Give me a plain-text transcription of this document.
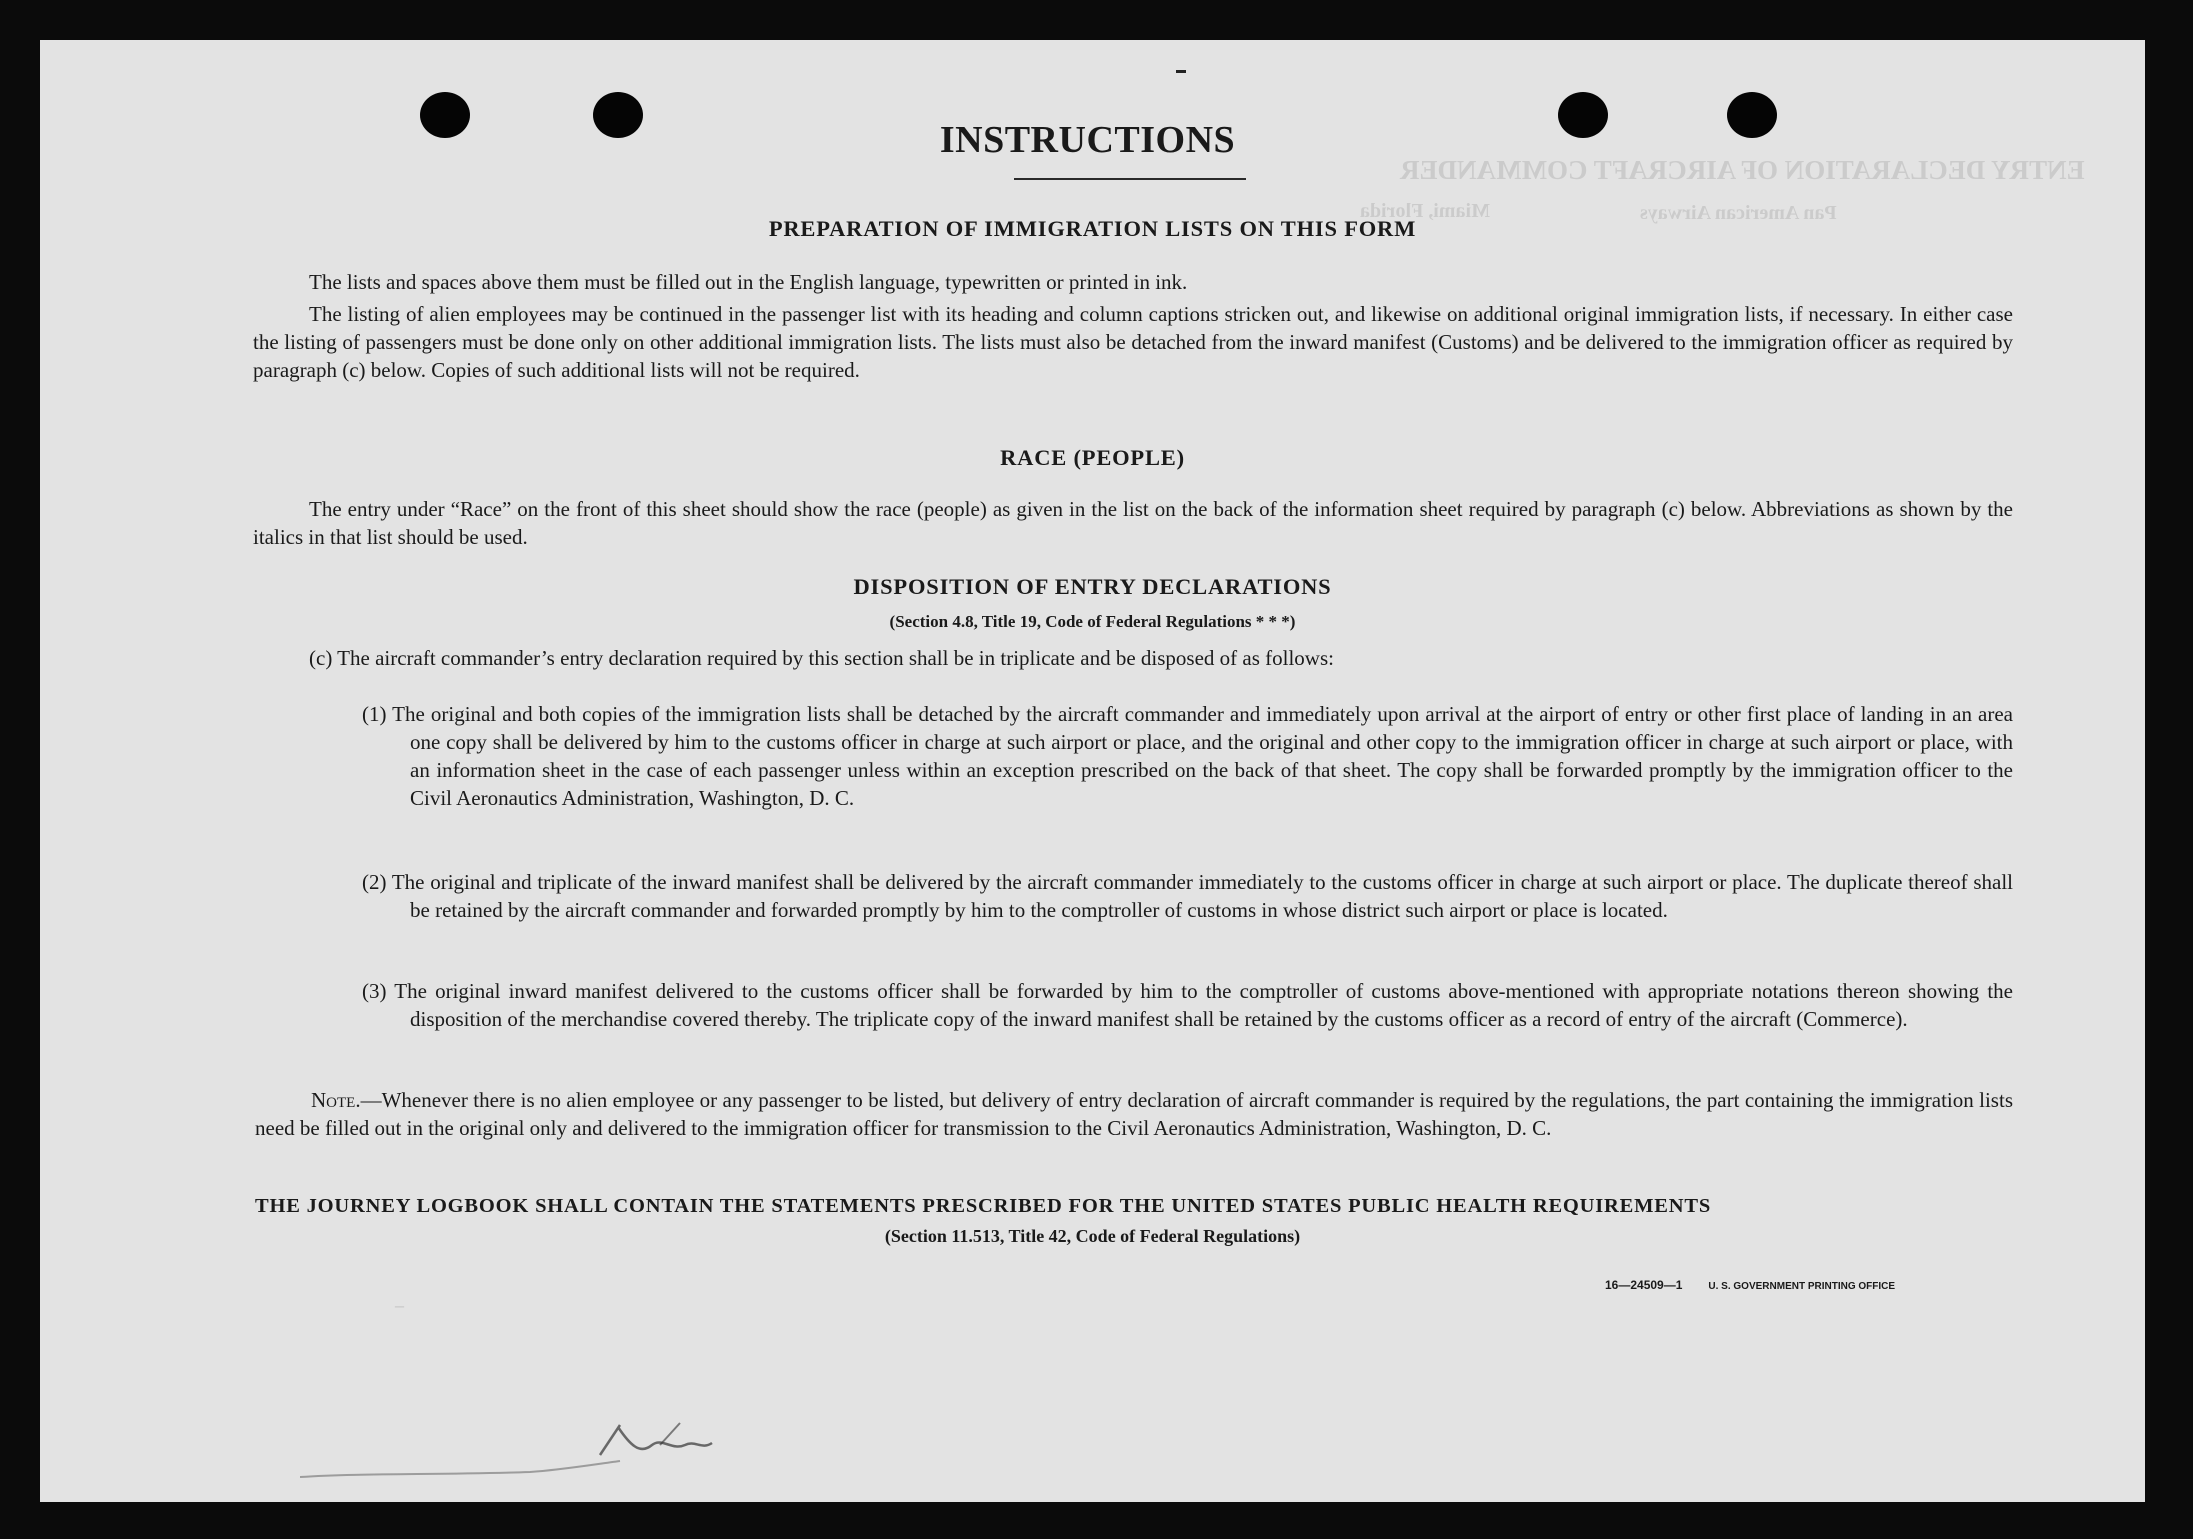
ENTRY DECLARATION OF AIRCRAFT COMMANDER
Pan American Airways
Miami, Florida
INSTRUCTIONS
PREPARATION OF IMMIGRATION LISTS ON THIS FORM
The lists and spaces above them must be filled out in the English language, typewritten or printed in ink.
The listing of alien employees may be continued in the passenger list with its heading and column captions stricken out, and likewise on additional original immigration lists, if necessary. In either case the listing of passengers must be done only on other additional immigration lists. The lists must also be detached from the inward manifest (Customs) and be delivered to the immigration officer as required by paragraph (c) below. Copies of such additional lists will not be required.
RACE (PEOPLE)
The entry under “Race” on the front of this sheet should show the race (people) as given in the list on the back of the information sheet required by paragraph (c) below. Abbreviations as shown by the italics in that list should be used.
DISPOSITION OF ENTRY DECLARATIONS
(Section 4.8, Title 19, Code of Federal Regulations * * *)
(c) The aircraft commander’s entry declaration required by this section shall be in triplicate and be disposed of as follows:
(1) The original and both copies of the immigration lists shall be detached by the aircraft commander and immediately upon arrival at the airport of entry or other first place of landing in an area one copy shall be delivered by him to the customs officer in charge at such airport or place, and the original and other copy to the immigration officer in charge at such airport or place, with an information sheet in the case of each passenger unless within an exception prescribed on the back of that sheet. The copy shall be forwarded promptly by the immigration officer to the Civil Aeronautics Administration, Washington, D. C.
(2) The original and triplicate of the inward manifest shall be delivered by the aircraft commander immediately to the customs officer in charge at such airport or place. The duplicate thereof shall be retained by the aircraft commander and forwarded promptly by him to the comptroller of customs in whose district such airport or place is located.
(3) The original inward manifest delivered to the customs officer shall be forwarded by him to the comptroller of customs above-mentioned with appropriate notations thereon showing the disposition of the merchandise covered thereby. The triplicate copy of the inward manifest shall be retained by the customs officer as a record of entry of the aircraft (Commerce).
Note.—Whenever there is no alien employee or any passenger to be listed, but delivery of entry declaration of aircraft commander is required by the regulations, the part containing the immigration lists need be filled out in the original only and delivered to the immigration officer for transmission to the Civil Aeronautics Administration, Washington, D. C.
THE JOURNEY LOGBOOK SHALL CONTAIN THE STATEMENTS PRESCRIBED FOR THE UNITED STATES PUBLIC HEALTH REQUIREMENTS
(Section 11.513, Title 42, Code of Federal Regulations)
16—24509—1	U. S. GOVERNMENT PRINTING OFFICE
–
